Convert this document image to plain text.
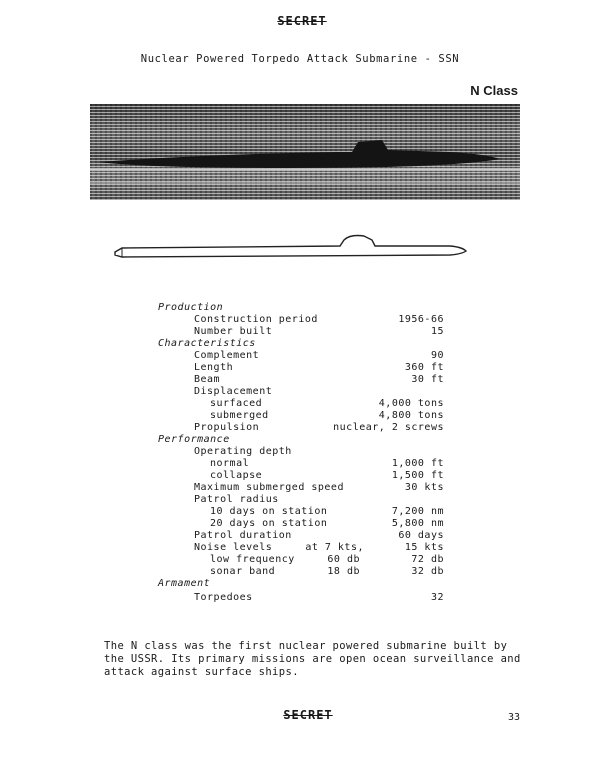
SECRET
Nuclear Powered Torpedo Attack Submarine - SSN
N Class
Production
Construction period	1956-66
Number built	15
Characteristics
Complement	90
Length	360 ft
Beam	30 ft
Displacement
surfaced	4,000 tons
submerged	4,800 tons
Propulsion	nuclear, 2 screws
Performance
Operating depth
normal	1,000 ft
collapse	1,500 ft
Maximum submerged speed	30 kts
Patrol radius
10 days on station	7,200 nm
20 days on station	5,800 nm
Patrol duration	60 days
Noise levels	at 7 kts,	15 kts
low frequency	60 db	72 db
sonar band	18 db	32 db
Armament
Torpedoes	32
The N class was the first nuclear powered submarine built by the USSR. Its primary missions are open ocean surveillance and attack against surface ships.
SECRET	33
